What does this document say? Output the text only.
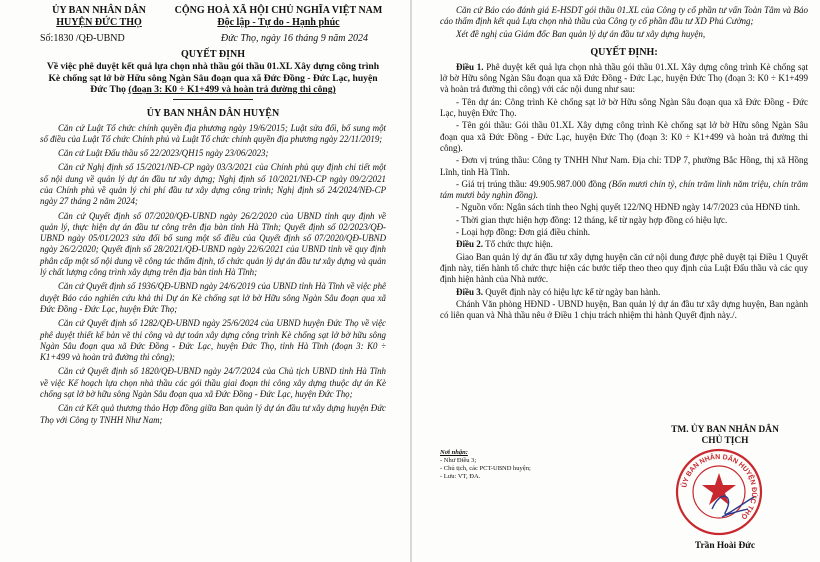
ỦY BAN NHÂN DÂN
HUYỆN ĐỨC THỌ
CỘNG HOÀ XÃ HỘI CHỦ NGHĨA VIỆT NAM
Độc lập - Tự do - Hạnh phúc
Số:1830 /QĐ-UBND	Đức Thọ, ngày 16 tháng 9 năm 2024
QUYẾT ĐỊNH
Về việc phê duyệt kết quả lựa chọn nhà thầu gói thầu 01.XL Xây dựng công trình Kè chống sạt lở bờ Hữu sông Ngàn Sâu đoạn qua xã Đức Đồng - Đức Lạc, huyện Đức Thọ (đoạn 3: K0 ÷ K1+499 và hoàn trả đường thi công)
ỦY BAN NHÂN DÂN HUYỆN

Căn cứ Luật Tổ chức chính quyền địa phương ngày 19/6/2015; Luật sửa đổi, bổ sung một số điều của Luật Tổ chức Chính phủ và Luật Tổ chức chính quyền địa phương ngày 22/11/2019;

Căn cứ Luật Đấu thầu số 22/2023/QH15 ngày 23/06/2023;

Căn cứ Nghị định số 15/2021/NĐ-CP ngày 03/3/2021 của Chính phủ quy định chi tiết một số nội dung về quản lý dự án đầu tư xây dựng; Nghị định số 10/2021/NĐ-CP ngày 09/2/2021 của Chính phủ về quản lý chi phí đầu tư xây dựng công trình; Nghị định số 24/2024/NĐ-CP ngày 27 tháng 2 năm 2024;

Căn cứ Quyết định số 07/2020/QĐ-UBND ngày 26/2/2020 của UBND tỉnh quy định về quản lý, thực hiện dự án đầu tư công trên địa bàn tỉnh Hà Tĩnh; Quyết định số 02/2023/QĐ-UBND ngày 05/01/2023 sửa đổi bổ sung một số điều của Quyết định số 07/2020/QĐ-UBND ngày 26/2/2020; Quyết định số 28/2021/QĐ-UBND ngày 22/6/2021 của UBND tỉnh về quy định phân cấp một số nội dung về công tác thẩm định, tổ chức quản lý dự án đầu tư xây dựng và quản lý chất lượng công trình xây dựng trên địa bàn tỉnh Hà Tĩnh;

Căn cứ Quyết định số 1936/QĐ-UBND ngày 24/6/2019 của UBND tỉnh Hà Tĩnh về việc phê duyệt Báo cáo nghiên cứu khả thi Dự án Kè chống sạt lở bờ Hữu sông Ngàn Sâu đoạn qua xã Đức Đồng - Đức Lạc, huyện Đức Thọ;

Căn cứ Quyết định số 1282/QĐ-UBND ngày 25/6/2024 của UBND huyện Đức Thọ về việc phê duyệt thiết kế bản vẽ thi công và dự toán xây dựng công trình Kè chống sạt lở bờ hữu sông Ngàn Sâu đoạn qua xã Đức Đồng - Đức Lạc, huyện Đức Thọ, tỉnh Hà Tĩnh (đoạn 3: K0 ÷ K1+499 và hoàn trả đường thi công);

Căn cứ Quyết định số 1820/QĐ-UBND ngày 24/7/2024 của Chủ tịch UBND tỉnh Hà Tĩnh về việc Kế hoạch lựa chọn nhà thầu các gói thầu giai đoạn thi công xây dựng thuộc dự án Kè chống sạt lở bờ hữu sông Ngàn Sâu đoạn qua xã Đức Đồng - Đức Lạc, huyện Đức Thọ;

Căn cứ Kết quả thương thảo Hợp đồng giữa Ban quản lý dự án đầu tư xây dựng huyện Đức Thọ với Công ty TNHH Như Nam;

Căn cứ Báo cáo đánh giá E-HSDT gói thầu 01.XL của Công ty cổ phần tư vấn Toàn Tâm và Báo cáo thẩm định kết quả Lựa chọn nhà thầu của Công ty cổ phần đầu tư XD Phú Cường;

Xét đề nghị của Giám đốc Ban quản lý dự án đầu tư xây dựng huyện,

QUYẾT ĐỊNH:

Điều 1. Phê duyệt kết quả lựa chọn nhà thầu gói thầu 01.XL Xây dựng công trình Kè chống sạt lở bờ Hữu sông Ngàn Sâu đoạn qua xã Đức Đồng - Đức Lạc, huyện Đức Thọ (đoạn 3: K0 ÷ K1+499 và hoàn trả đường thi công) với các nội dung như sau:

- Tên dự án: Công trình Kè chống sạt lở bờ Hữu sông Ngàn Sâu đoạn qua xã Đức Đồng - Đức Lạc, huyện Đức Thọ.

- Tên gói thầu: Gói thầu 01.XL Xây dựng công trình Kè chống sạt lở bờ Hữu sông Ngàn Sâu đoạn qua xã Đức Đồng - Đức Lạc, huyện Đức Thọ (đoạn 3: K0 ÷ K1+499 và hoàn trả đường thi công).

- Đơn vị trúng thầu: Công ty TNHH Như Nam. Địa chỉ: TDP 7, phường Bắc Hồng, thị xã Hồng Lĩnh, tỉnh Hà Tĩnh.

- Giá trị trúng thầu: 49.905.987.000 đồng (Bốn mươi chín tỷ, chín trăm linh năm triệu, chín trăm tám mươi bảy nghìn đồng).

- Nguồn vốn: Ngân sách tỉnh theo Nghị quyết 122/NQ HĐNĐ ngày 14/7/2023 của HĐNĐ tỉnh.

- Thời gian thực hiện hợp đồng: 12 tháng, kể từ ngày hợp đồng có hiệu lực.

- Loại hợp đồng: Đơn giá điều chỉnh.

Điều 2. Tổ chức thực hiện.

Giao Ban quản lý dự án đầu tư xây dựng huyện căn cứ nội dung được phê duyệt tại Điều 1 Quyết định này, tiến hành tổ chức thực hiện các bước tiếp theo theo quy định của Luật Đấu thầu và các quy định hiện hành của Nhà nước.

Điều 3. Quyết định này có hiệu lực kể từ ngày ban hành.

Chánh Văn phòng HĐND - UBND huyện, Ban quản lý dự án đầu tư xây dựng huyện, Ban ngành có liên quan và Nhà thầu nêu ở Điều 1 chịu trách nhiệm thi hành Quyết định này./.

Nơi nhận:
- Như Điều 3;
- Chủ tịch, các PCT-UBND huyện;
- Lưu: VT, ĐA.
TM. ỦY BAN NHÂN DÂN
CHỦ TỊCH
ỦY BAN NHÂN DÂN HUYỆN ĐỨC THỌ
Trần Hoài Đức
